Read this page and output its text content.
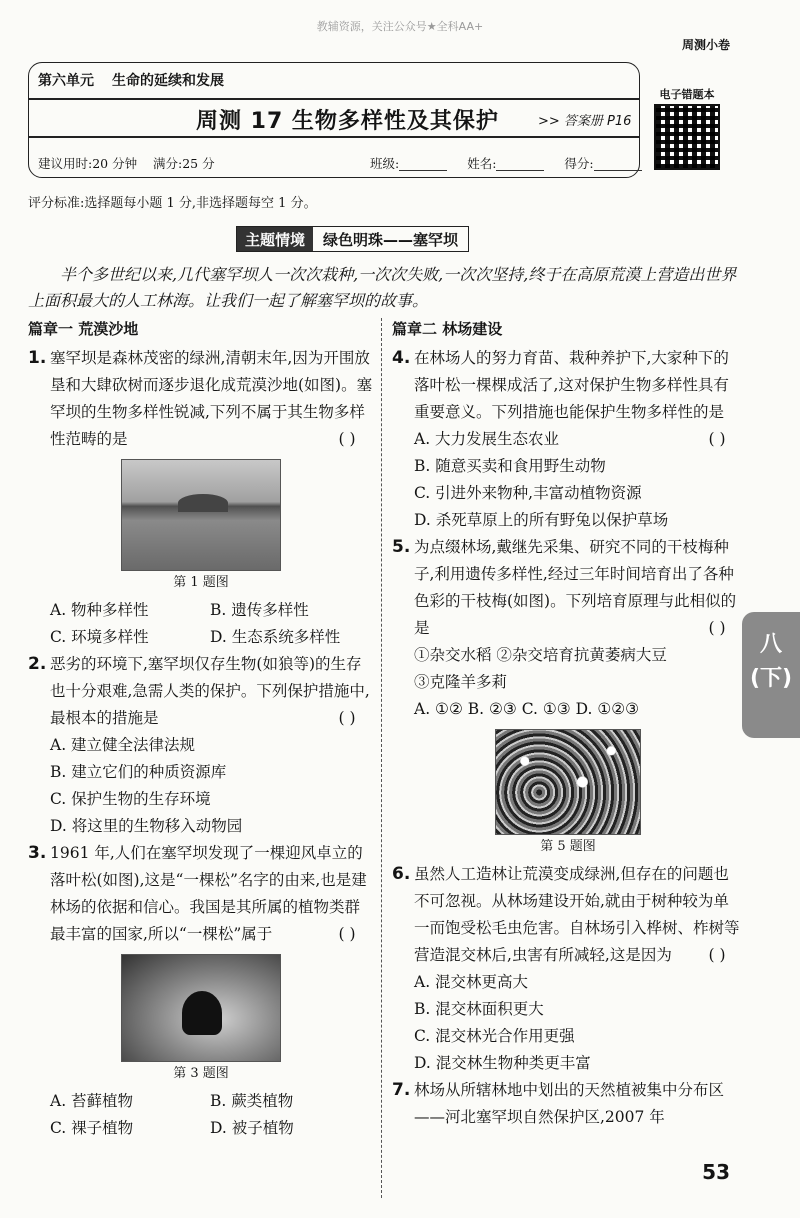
教辅资源，关注公众号★全科AA+
周测小卷
第六单元 生命的延续和发展
周测 17 生物多样性及其保护	>> 答案册 P16
建议用时:20 分钟 满分:25 分	班级:	姓名:	得分:
电子错题本
评分标准:选择题每小题 1 分,非选择题每空 1 分。
主题情境	绿色明珠——塞罕坝
半个多世纪以来,几代塞罕坝人一次次栽种,一次次失败,一次次坚持,终于在高原荒漠上营造出世界上面积最大的人工林海。让我们一起了解塞罕坝的故事。
篇章一 荒漠沙地
1. 塞罕坝是森林茂密的绿洲,清朝末年,因为开围放垦和大肆砍树而逐步退化成荒漠沙地(如图)。塞罕坝的生物多样性锐减,下列不属于其生物多样性范畴的是	( )
第 1 题图
A. 物种多样性	B. 遗传多样性
C. 环境多样性	D. 生态系统多样性
2. 恶劣的环境下,塞罕坝仅存生物(如狼等)的生存也十分艰难,急需人类的保护。下列保护措施中,最根本的措施是	( )
A. 建立健全法律法规
B. 建立它们的种质资源库
C. 保护生物的生存环境
D. 将这里的生物移入动物园
3. 1961 年,人们在塞罕坝发现了一棵迎风卓立的落叶松(如图),这是“一棵松”名字的由来,也是建林场的依据和信心。我国是其所属的植物类群最丰富的国家,所以“一棵松”属于	( )
第 3 题图
A. 苔藓植物	B. 蕨类植物
C. 裸子植物	D. 被子植物
篇章二 林场建设
4. 在林场人的努力育苗、栽种养护下,大家种下的落叶松一棵棵成活了,这对保护生物多样性具有重要意义。下列措施也能保护生物多样性的是
( )
A. 大力发展生态农业
B. 随意买卖和食用野生动物
C. 引进外来物种,丰富动植物资源
D. 杀死草原上的所有野兔以保护草场
5. 为点缀林场,戴继先采集、研究不同的干枝梅种子,利用遗传多样性,经过三年时间培育出了各种色彩的干枝梅(如图)。下列培育原理与此相似的是	( )
①杂交水稻 ②杂交培育抗黄萎病大豆
③克隆羊多莉
A. ①② B. ②③ C. ①③ D. ①②③
第 5 题图
6. 虽然人工造林让荒漠变成绿洲,但存在的问题也不可忽视。从林场建设开始,就由于树种较为单一而饱受松毛虫危害。自林场引入桦树、柞树等营造混交林后,虫害有所减轻,这是因为	( )
A. 混交林更高大
B. 混交林面积更大
C. 混交林光合作用更强
D. 混交林生物种类更丰富
7. 林场从所辖林地中划出的天然植被集中分布区——河北塞罕坝自然保护区,2007 年
八(下)
53
